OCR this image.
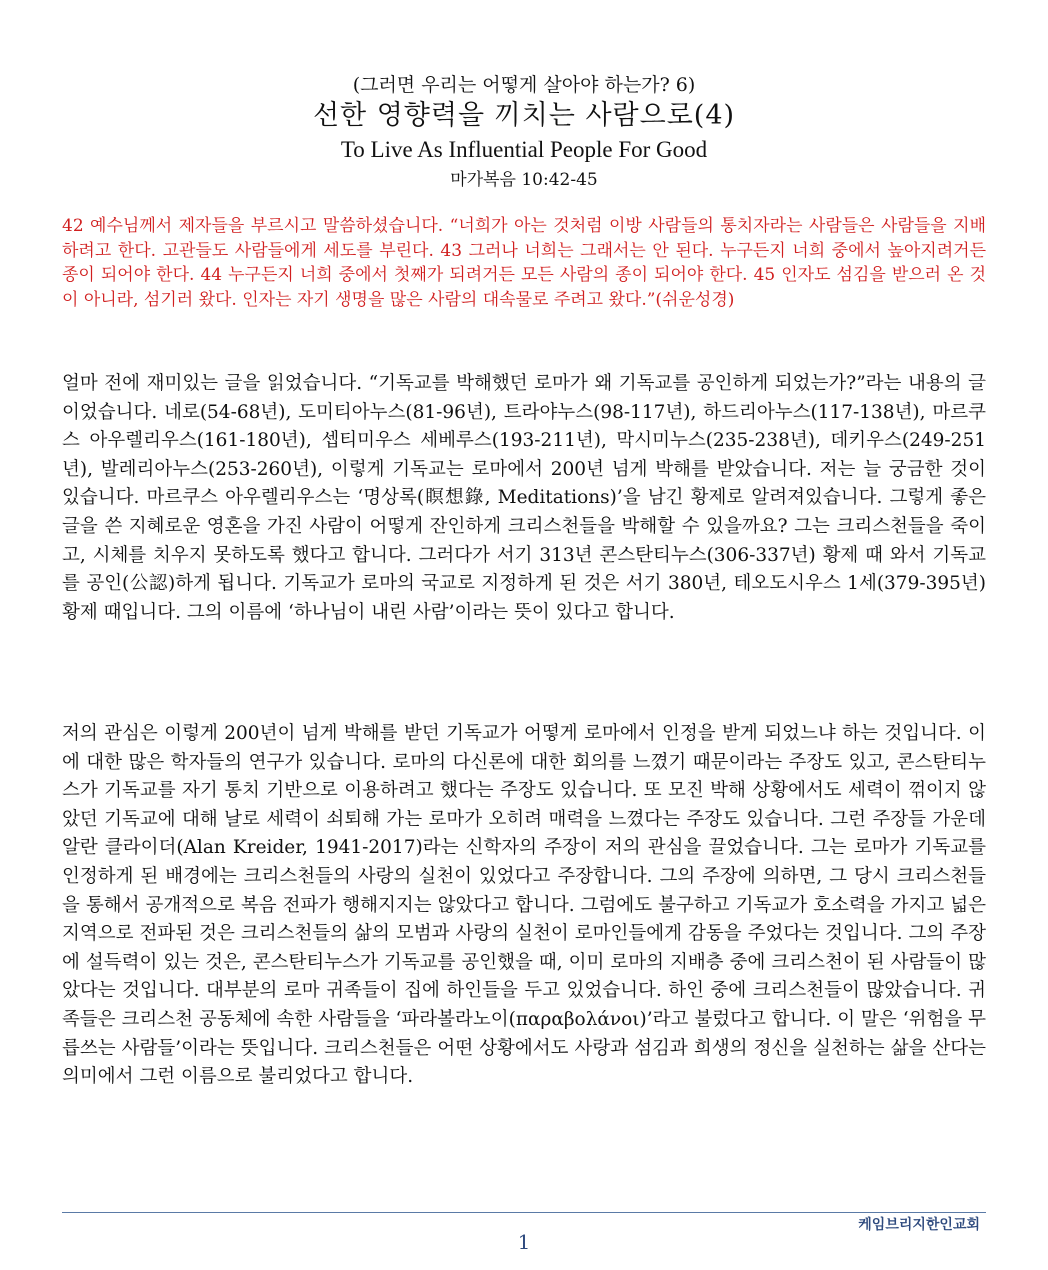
(그러면 우리는 어떻게 살아야 하는가? 6)

선한 영향력을 끼치는 사람으로(4)

To Live As Influential People For Good

마가복음 10:42-45

42 예수님께서 제자들을 부르시고 말씀하셨습니다. “너희가 아는 것처럼 이방 사람들의 통치자라는 사람들은 사람들을 지배하려고 한다. 고관들도 사람들에게 세도를 부린다. 43 그러나 너희는 그래서는 안 된다. 누구든지 너희 중에서 높아지려거든 종이 되어야 한다. 44 누구든지 너희 중에서 첫째가 되려거든 모든 사람의 종이 되어야 한다. 45 인자도 섬김을 받으러 온 것이 아니라, 섬기러 왔다. 인자는 자기 생명을 많은 사람의 대속물로 주려고 왔다.”(쉬운성경)

얼마 전에 재미있는 글을 읽었습니다. “기독교를 박해했던 로마가 왜 기독교를 공인하게 되었는가?”라는 내용의 글이었습니다. 네로(54-68년), 도미티아누스(81-96년), 트라야누스(98-117년), 하드리아누스(117-138년), 마르쿠스 아우렐리우스(161-180년), 셉티미우스 세베루스(193-211년), 막시미누스(235-238년), 데키우스(249-251년), 발레리아누스(253-260년), 이렇게 기독교는 로마에서 200년 넘게 박해를 받았습니다. 저는 늘 궁금한 것이 있습니다. 마르쿠스 아우렐리우스는 ‘명상록(瞑想錄, Meditations)’을 남긴 황제로 알려져있습니다. 그렇게 좋은 글을 쓴 지혜로운 영혼을 가진 사람이 어떻게 잔인하게 크리스천들을 박해할 수 있을까요? 그는 크리스천들을 죽이고, 시체를 치우지 못하도록 했다고 합니다. 그러다가 서기 313년 콘스탄티누스(306-337년) 황제 때 와서 기독교를 공인(公認)하게 됩니다. 기독교가 로마의 국교로 지정하게 된 것은 서기 380년, 테오도시우스 1세(379-395년) 황제 때입니다. 그의 이름에 ‘하나님이 내린 사람’이라는 뜻이 있다고 합니다.

저의 관심은 이렇게 200년이 넘게 박해를 받던 기독교가 어떻게 로마에서 인정을 받게 되었느냐 하는 것입니다. 이에 대한 많은 학자들의 연구가 있습니다. 로마의 다신론에 대한 회의를 느꼈기 때문이라는 주장도 있고, 콘스탄티누스가 기독교를 자기 통치 기반으로 이용하려고 했다는 주장도 있습니다. 또 모진 박해 상황에서도 세력이 꺾이지 않았던 기독교에 대해 날로 세력이 쇠퇴해 가는 로마가 오히려 매력을 느꼈다는 주장도 있습니다. 그런 주장들 가운데 알란 클라이더(Alan Kreider, 1941-2017)라는 신학자의 주장이 저의 관심을 끌었습니다. 그는 로마가 기독교를 인정하게 된 배경에는 크리스천들의 사랑의 실천이 있었다고 주장합니다. 그의 주장에 의하면, 그 당시 크리스천들을 통해서 공개적으로 복음 전파가 행해지지는 않았다고 합니다. 그럼에도 불구하고 기독교가 호소력을 가지고 넓은 지역으로 전파된 것은 크리스천들의 삶의 모범과 사랑의 실천이 로마인들에게 감동을 주었다는 것입니다. 그의 주장에 설득력이 있는 것은, 콘스탄티누스가 기독교를 공인했을 때, 이미 로마의 지배층 중에 크리스천이 된 사람들이 많았다는 것입니다. 대부분의 로마 귀족들이 집에 하인들을 두고 있었습니다. 하인 중에 크리스천들이 많았습니다. 귀족들은 크리스천 공동체에 속한 사람들을 ‘파라볼라노이(παραβολάνοι)’라고 불렀다고 합니다. 이 말은 ‘위험을 무릅쓰는 사람들’이라는 뜻입니다. 크리스천들은 어떤 상황에서도 사랑과 섬김과 희생의 정신을 실천하는 삶을 산다는 의미에서 그런 이름으로 불리었다고 합니다.

케임브리지한인교회
1
